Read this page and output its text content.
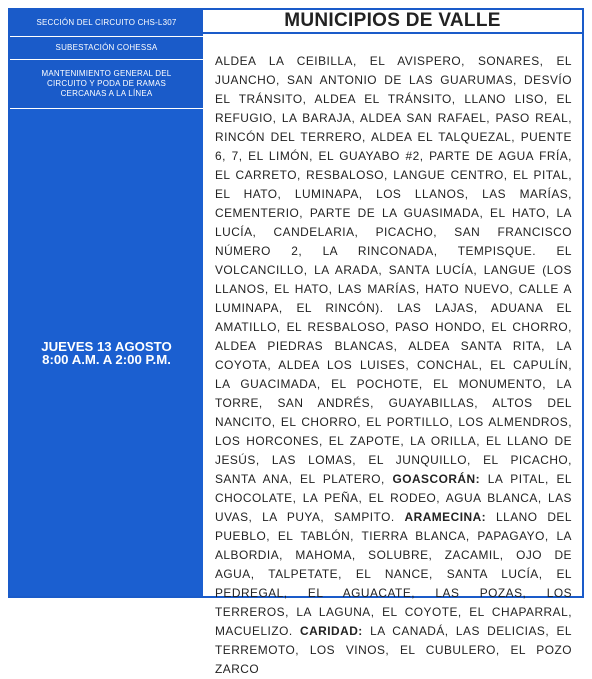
SECCIÓN DEL CIRCUITO CHS-L307
SUBESTACIÓN COHESSA
MANTENIMIENTO GENERAL DEL CIRCUITO Y PODA DE RAMAS CERCANAS A LA LÍNEA
JUEVES 13 AGOSTO
8:00 A.M. A 2:00 P.M.
MUNICIPIOS DE VALLE
ALDEA LA CEIBILLA, EL AVISPERO, SONARES, EL JUANCHO, SAN ANTONIO DE LAS GUARUMAS, DESVÍO EL TRÁNSITO, ALDEA EL TRÁNSITO, LLANO LISO, EL REFUGIO, LA BARAJA, ALDEA SAN RAFAEL, PASO REAL, RINCÓN DEL TERRERO, ALDEA EL TALQUEZAL, PUENTE 6, 7, EL LIMÓN, EL GUAYABO #2, PARTE DE AGUA FRÍA, EL CARRETO, RESBALOSO, LANGUE CENTRO, EL PITAL, EL HATO, LUMINAPA, LOS LLANOS, LAS MARÍAS, CEMENTERIO, PARTE DE LA GUASIMADA, EL HATO, LA LUCÍA, CANDELARIA, PICACHO, SAN FRANCISCO NÚMERO 2, LA RINCONADA, TEMPISQUE. EL VOLCANCILLO, LA ARADA, SANTA LUCÍA, LANGUE (LOS LLANOS, EL HATO, LAS MARÍAS, HATO NUEVO, CALLE A LUMINAPA, EL RINCÓN). LAS LAJAS, ADUANA EL AMATILLO, EL RESBALOSO, PASO HONDO, EL CHORRO, ALDEA PIEDRAS BLANCAS, ALDEA SANTA RITA, LA COYOTA, ALDEA LOS LUISES, CONCHAL, EL CAPULÍN, LA GUACIMADA, EL POCHOTE, EL MONUMENTO, LA TORRE, SAN ANDRÉS, GUAYABILLAS, ALTOS DEL NANCITO, EL CHORRO, EL PORTILLO, LOS ALMENDROS, LOS HORCONES, EL ZAPOTE, LA ORILLA, EL LLANO DE JESÚS, LAS LOMAS, EL JUNQUILLO, EL PICACHO, SANTA ANA, EL PLATERO, GOASCORÁN: LA PITAL, EL CHOCOLATE, LA PEÑA, EL RODEO, AGUA BLANCA, LAS UVAS, LA PUYA, SAMPITO. ARAMECINA: LLANO DEL PUEBLO, EL TABLÓN, TIERRA BLANCA, PAPAGAYO, LA ALBORDIA, MAHOMA, SOLUBRE, ZACAMIL, OJO DE AGUA, TALPETATE, EL NANCE, SANTA LUCÍA, EL PEDREGAL, EL AGUACATE, LAS POZAS, LOS TERREROS, LA LAGUNA, EL COYOTE, EL CHAPARRAL, MACUELIZO. CARIDAD: LA CANADÁ, LAS DELICIAS, EL TERREMOTO, LOS VINOS, EL CUBULERO, EL POZO ZARCO
